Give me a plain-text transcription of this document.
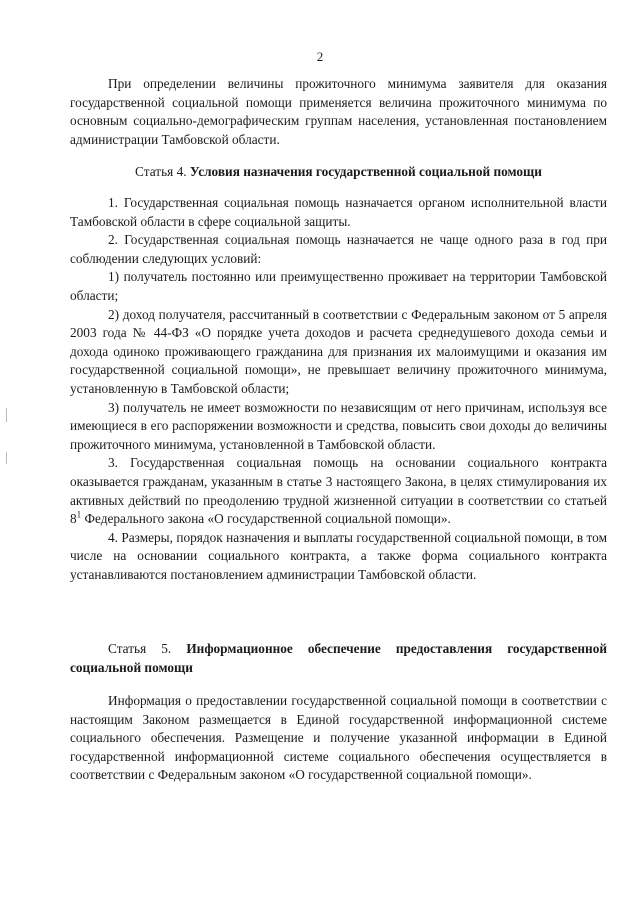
2

При определении величины прожиточного минимума заявителя для оказания государственной социальной помощи применяется величина прожиточного минимума по основным социально-демографическим группам населения, установленная постановлением администрации Тамбовской области.

Статья 4. Условия назначения государственной социальной помощи

1. Государственная социальная помощь назначается органом исполнительной власти Тамбовской области в сфере социальной защиты.

2. Государственная социальная помощь назначается не чаще одного раза в год при соблюдении следующих условий:

1) получатель постоянно или преимущественно проживает на территории Тамбовской области;

2) доход получателя, рассчитанный в соответствии с Федеральным законом от 5 апреля 2003 года № 44-ФЗ «О порядке учета доходов и расчета среднедушевого дохода семьи и дохода одиноко проживающего гражданина для признания их малоимущими и оказания им государственной социальной помощи», не превышает величину прожиточного минимума, установленную в Тамбовской области;

3) получатель не имеет возможности по независящим от него причинам, используя все имеющиеся в его распоряжении возможности и средства, повысить свои доходы до величины прожиточного минимума, установленной в Тамбовской области.

3. Государственная социальная помощь на основании социального контракта оказывается гражданам, указанным в статье 3 настоящего Закона, в целях стимулирования их активных действий по преодолению трудной жизненной ситуации в соответствии со статьей $8^1$ Федерального закона «О государственной социальной помощи».

4. Размеры, порядок назначения и выплаты государственной социальной помощи, в том числе на основании социального контракта, а также форма социального контракта устанавливаются постановлением администрации Тамбовской области.

Статья 5. Информационное обеспечение предоставления государственной социальной помощи

Информация о предоставлении государственной социальной помощи в соответствии с настоящим Законом размещается в Единой государственной информационной системе социального обеспечения. Размещение и получение указанной информации в Единой государственной информационной системе социального обеспечения осуществляется в соответствии с Федеральным законом «О государственной социальной помощи».
